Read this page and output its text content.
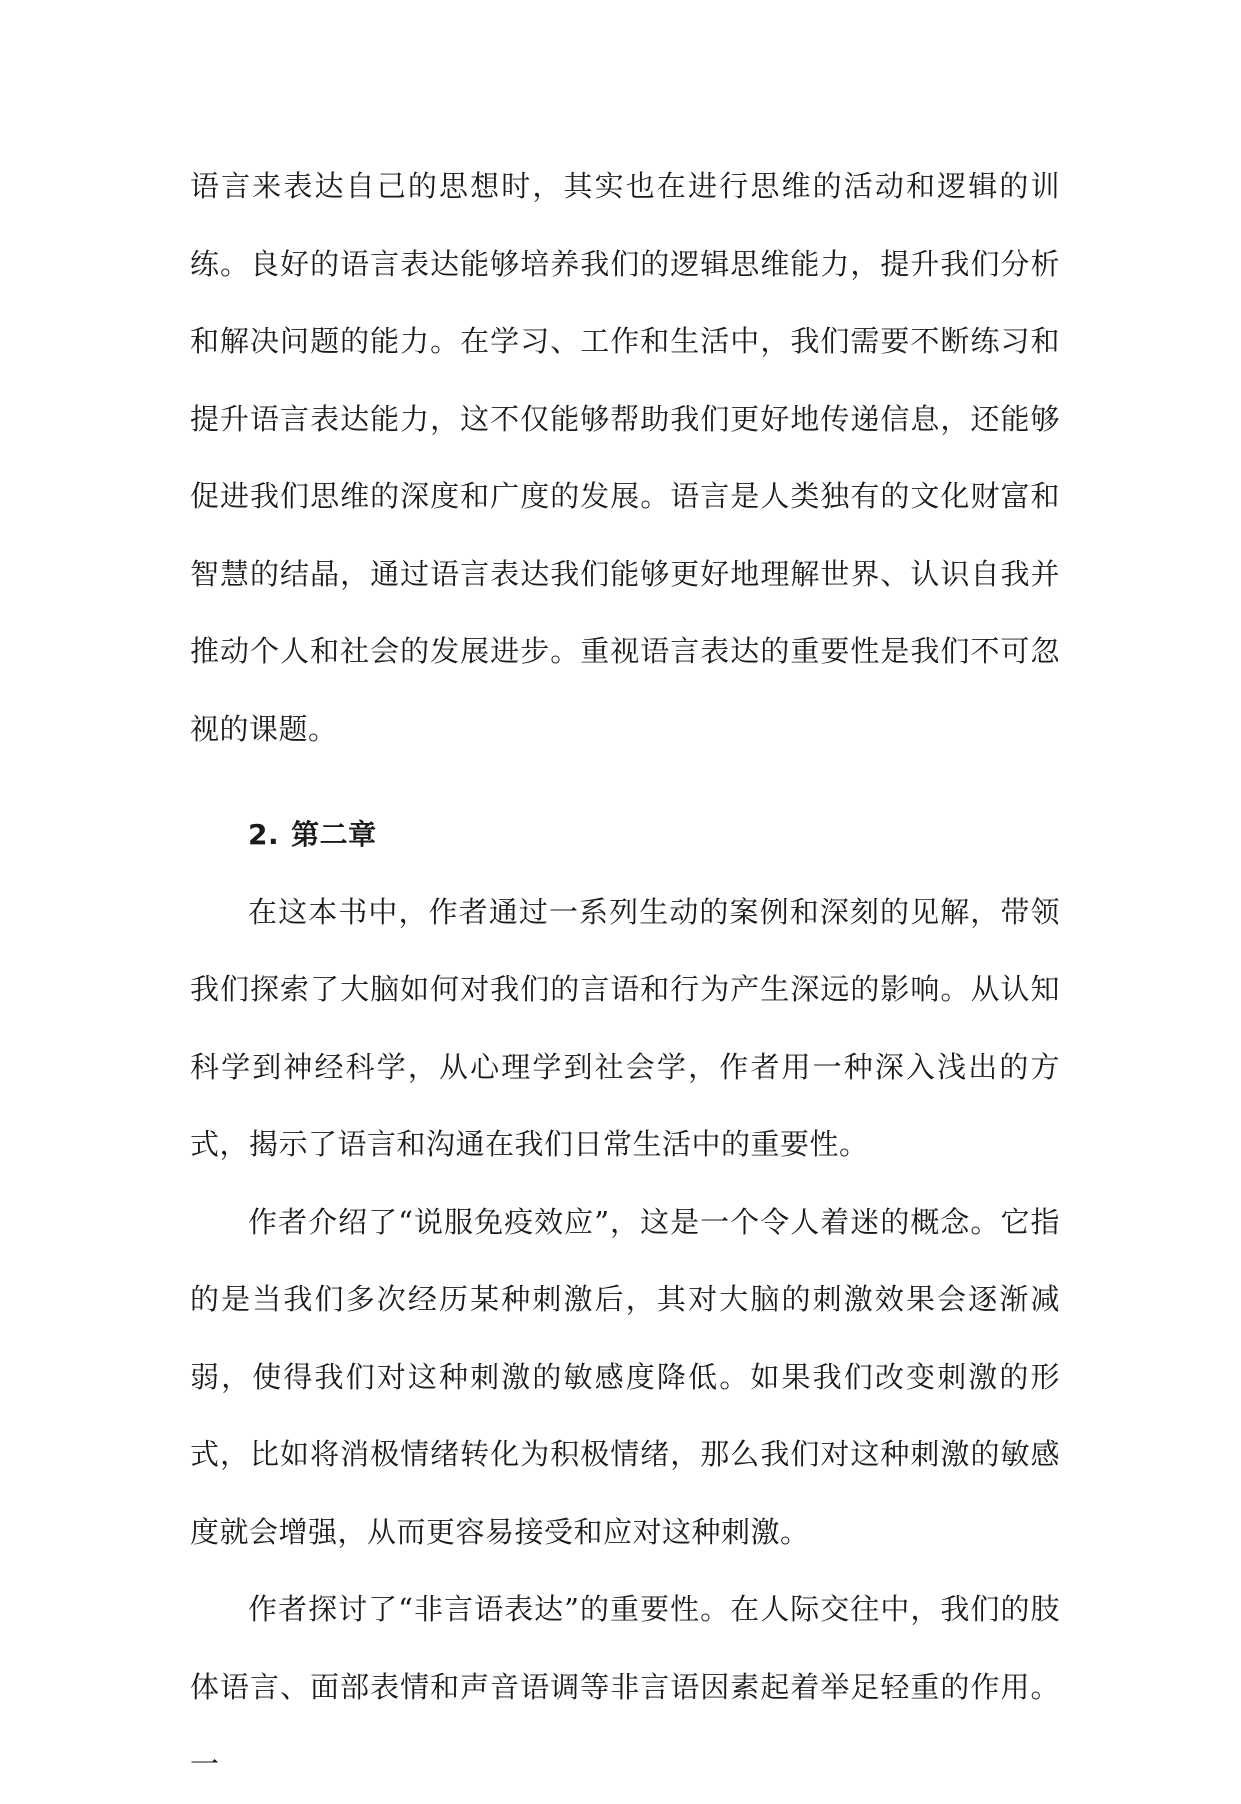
语言来表达自己的思想时，其实也在进行思维的活动和逻辑的训练。良好的语言表达能够培养我们的逻辑思维能力，提升我们分析和解决问题的能力。在学习、工作和生活中，我们需要不断练习和提升语言表达能力，这不仅能够帮助我们更好地传递信息，还能够促进我们思维的深度和广度的发展。语言是人类独有的文化财富和智慧的结晶，通过语言表达我们能够更好地理解世界、认识自我并推动个人和社会的发展进步。重视语言表达的重要性是我们不可忽视的课题。

2. 第二章

在这本书中，作者通过一系列生动的案例和深刻的见解，带领我们探索了大脑如何对我们的言语和行为产生深远的影响。从认知科学到神经科学，从心理学到社会学，作者用一种深入浅出的方式，揭示了语言和沟通在我们日常生活中的重要性。

作者介绍了“说服免疫效应”，这是一个令人着迷的概念。它指的是当我们多次经历某种刺激后，其对大脑的刺激效果会逐渐减弱，使得我们对这种刺激的敏感度降低。如果我们改变刺激的形式，比如将消极情绪转化为积极情绪，那么我们对这种刺激的敏感度就会增强，从而更容易接受和应对这种刺激。

作者探讨了“非言语表达”的重要性。在人际交往中，我们的肢体语言、面部表情和声音语调等非言语因素起着举足轻重的作用。一
